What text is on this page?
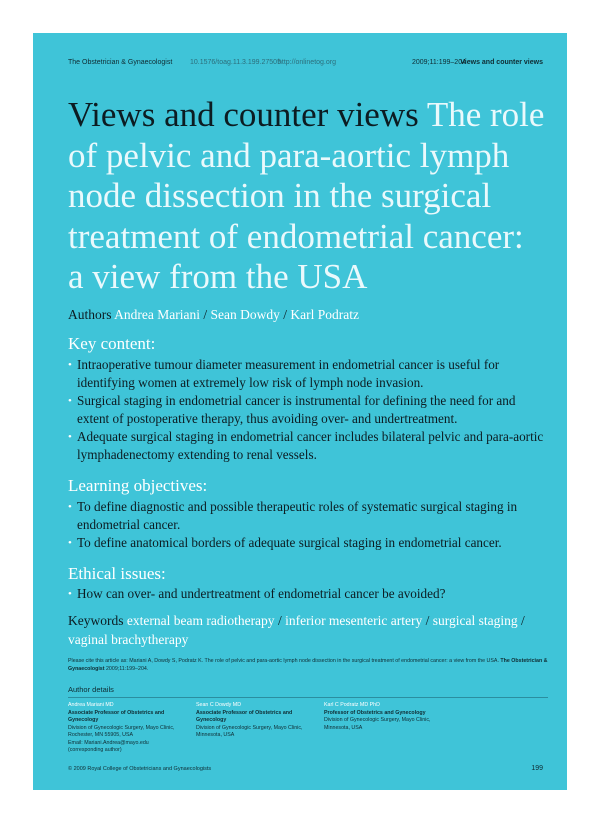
The Obstetrician & Gynaecologist	10.1576/toag.11.3.199.27505
http://onlinetog.org	2009;11:199–204
Views and counter views
Views and counter views The role of pelvic and para-aortic lymph node dissection in the surgical treatment of endometrial cancer: a view from the USA
Authors Andrea Mariani / Sean Dowdy / Karl Podratz
Key content:
• Intraoperative tumour diameter measurement in endometrial cancer is useful for identifying women at extremely low risk of lymph node invasion.
• Surgical staging in endometrial cancer is instrumental for defining the need for and extent of postoperative therapy, thus avoiding over- and undertreatment.
• Adequate surgical staging in endometrial cancer includes bilateral pelvic and para-aortic lymphadenectomy extending to renal vessels.
Learning objectives:
• To define diagnostic and possible therapeutic roles of systematic surgical staging in endometrial cancer.
• To define anatomical borders of adequate surgical staging in endometrial cancer.
Ethical issues:
• How can over- and undertreatment of endometrial cancer be avoided?
Keywords external beam radiotherapy / inferior mesenteric artery / surgical staging / vaginal brachytherapy
Please cite this article as: Mariani A, Dowdy S, Podratz K. The role of pelvic and para-aortic lymph node dissection in the surgical treatment of endometrial cancer: a view from the USA. The Obstetrician & Gynaecologist 2009;11:199–204.
Author details
Andrea Mariani MD
Associate Professor of Obstetrics and Gynecology
Division of Gynecologic Surgery, Mayo Clinic,
Rochester, MN 55905, USA
Email: Mariani.Andrea@mayo.edu
(corresponding author)
Sean C Dowdy MD
Associate Professor of Obstetrics and Gynecology
Division of Gynecologic Surgery, Mayo Clinic,
Minnesota, USA
Karl C Podratz MD PhD
Professor of Obstetrics and Gynecology
Division of Gynecologic Surgery, Mayo Clinic,
Minnesota, USA
© 2009 Royal College of Obstetricians and Gynaecologists	199
